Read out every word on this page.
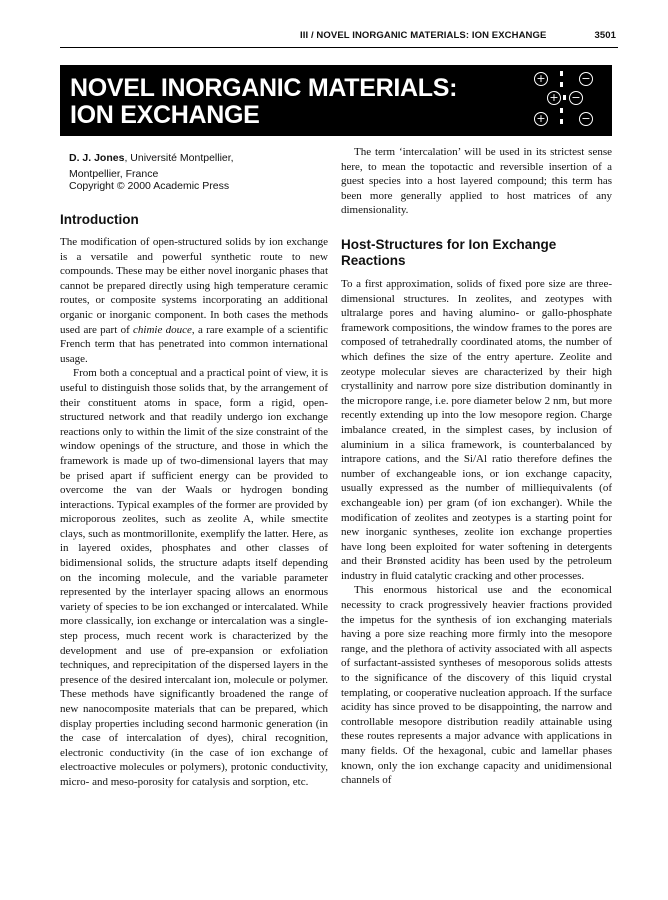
III / NOVEL INORGANIC MATERIALS: ION EXCHANGE	3501
NOVEL INORGANIC MATERIALS:
ION EXCHANGE
+	−
+ −
+	−
D. J. Jones, Université Montpellier,
Montpellier, France
Copyright © 2000 Academic Press
Introduction

The modification of open-structured solids by ion exchange is a versatile and powerful synthetic route to new compounds. These may be either novel inorganic phases that cannot be prepared directly using high temperature ceramic routes, or composite systems incorporating an additional organic or inorganic component. In both cases the methods used are part of chimie douce, a rare example of a scientific French term that has penetrated into common international usage.

From both a conceptual and a practical point of view, it is useful to distinguish those solids that, by the arrangement of their constituent atoms in space, form a rigid, open-structured network and that readily undergo ion exchange reactions only to within the limit of the size constraint of the window openings of the structure, and those in which the framework is made up of two-dimensional layers that may be prised apart if sufficient energy can be provided to overcome the van der Waals or hydrogen bonding interactions. Typical examples of the former are provided by microporous zeolites, such as zeolite A, while smectite clays, such as montmorillonite, exemplify the latter. Here, as in layered oxides, phosphates and other classes of bidimensional solids, the structure adapts itself depending on the incoming molecule, and the variable parameter represented by the interlayer spacing allows an enormous variety of species to be ion exchanged or intercalated. While more classically, ion exchange or intercalation was a single-step process, much recent work is characterized by the development and use of pre-expansion or exfoliation techniques, and reprecipitation of the dispersed layers in the presence of the desired intercalant ion, molecule or polymer. These methods have significantly broadened the range of new nanocomposite materials that can be prepared, which display properties including second harmonic generation (in the case of intercalation of dyes), chiral recognition, electronic conductivity (in the case of ion exchange of electroactive molecules or polymers), protonic conductivity, micro- and meso-porosity for catalysis and sorption, etc.

The term ‘intercalation’ will be used in its strictest sense here, to mean the topotactic and reversible insertion of a guest species into a host layered compound; this term has been more generally applied to host matrices of any dimensionality.

Host-Structures for Ion Exchange
Reactions

To a first approximation, solids of fixed pore size are three-dimensional structures. In zeolites, and zeotypes with ultralarge pores and having alumino- or gallo-phosphate framework compositions, the window frames to the pores are composed of tetrahedrally coordinated atoms, the number of which defines the size of the entry aperture. Zeolite and zeotype molecular sieves are characterized by their high crystallinity and narrow pore size distribution dominantly in the micropore range, i.e. pore diameter below 2 nm, but more recently extending up into the low mesopore region. Charge imbalance created, in the simplest cases, by inclusion of aluminium in a silica framework, is counterbalanced by intrapore cations, and the Si/Al ratio therefore defines the number of exchangeable ions, or ion exchange capacity, usually expressed as the number of milliequivalents (of exchangeable ion) per gram (of ion exchanger). While the modification of zeolites and zeotypes is a starting point for new inorganic syntheses, zeolite ion exchange properties have long been exploited for water softening in detergents and their Brønsted acidity has been used by the petroleum industry in fluid catalytic cracking and other processes.

This enormous historical use and the economical necessity to crack progressively heavier fractions provided the impetus for the synthesis of ion exchanging materials having a pore size reaching more firmly into the mesopore range, and the plethora of activity associated with all aspects of surfactant-assisted syntheses of mesoporous solids attests to the significance of the discovery of this liquid crystal templating, or cooperative nucleation approach. If the surface acidity has since proved to be disappointing, the narrow and controllable mesopore distribution readily attainable using these routes represents a major advance with applications in many fields. Of the hexagonal, cubic and lamellar phases known, only the ion exchange capacity and unidimensional channels of
